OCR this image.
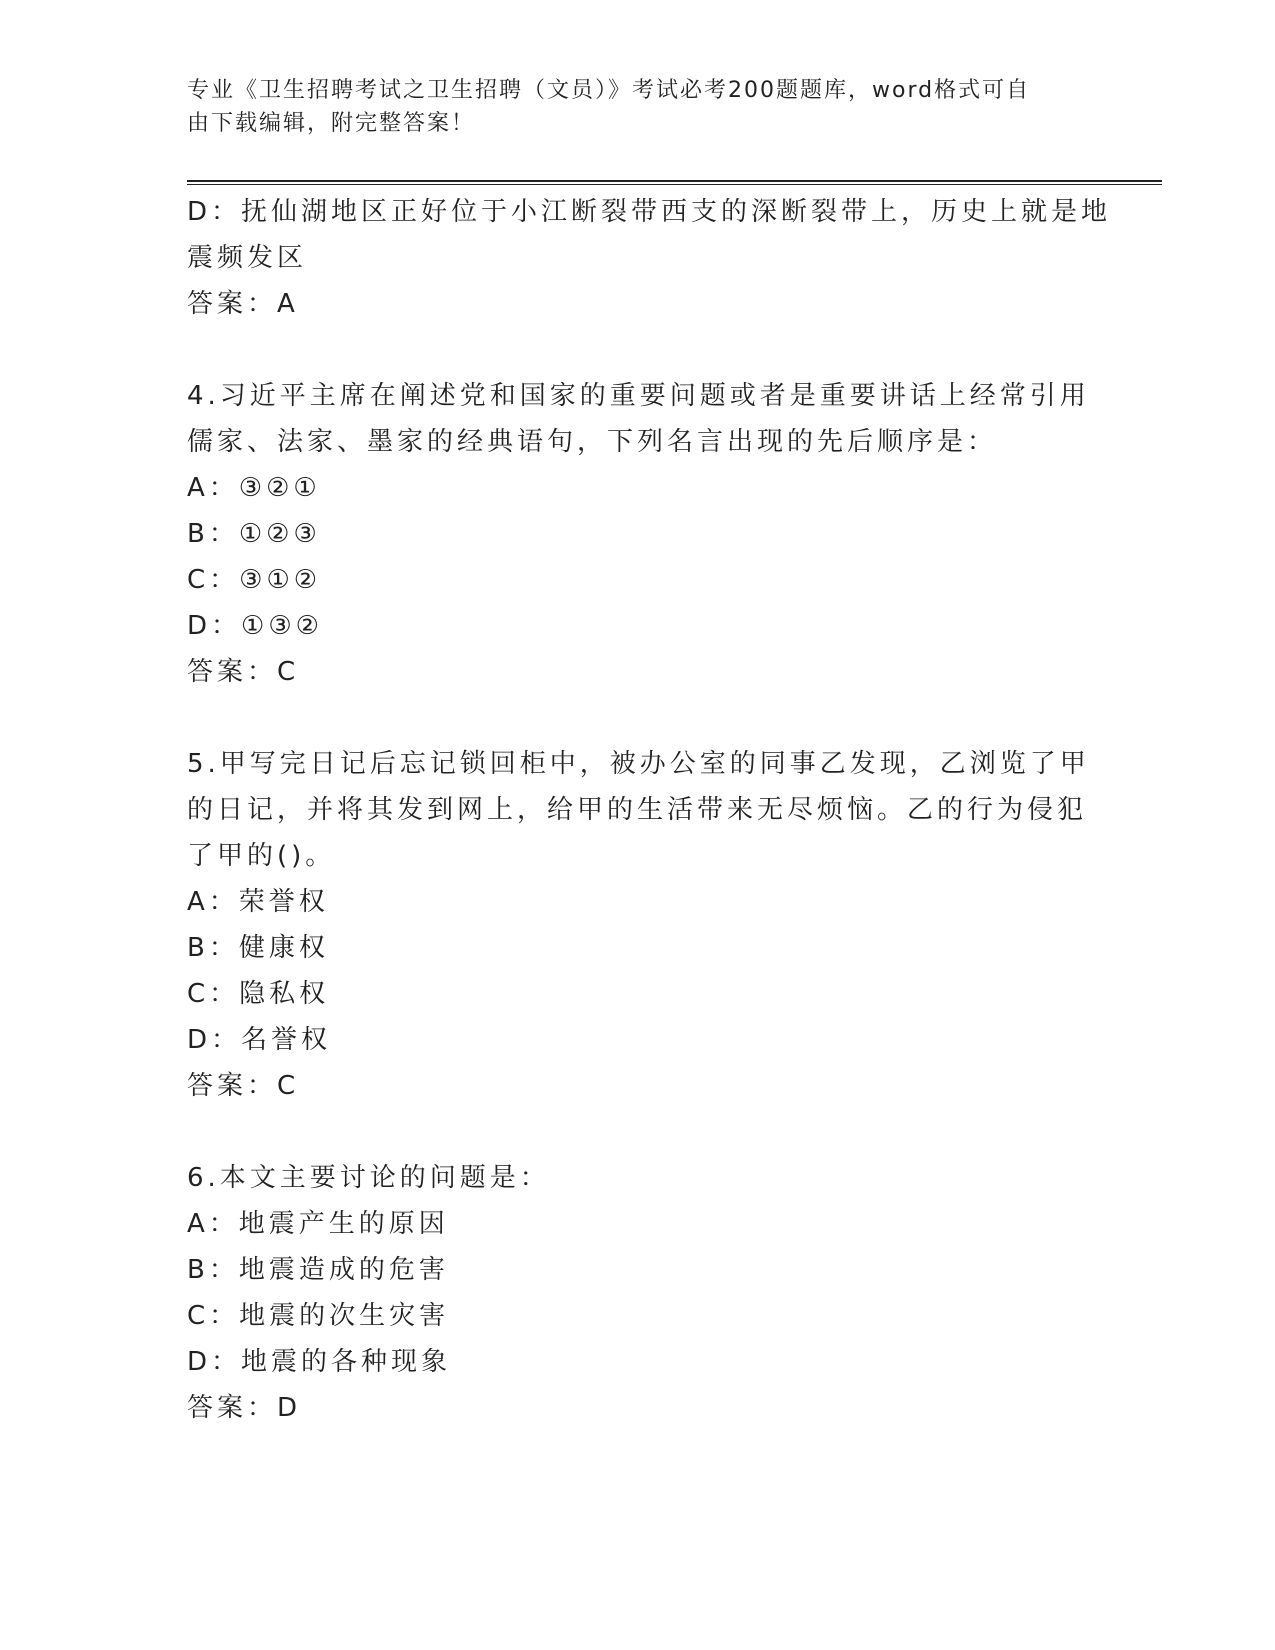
专业《卫生招聘考试之卫生招聘（文员）》考试必考200题题库，word格式可自
由下载编辑，附完整答案！

D：抚仙湖地区正好位于小江断裂带西支的深断裂带上，历史上就是地

震频发区

答案：A

4.习近平主席在阐述党和国家的重要问题或者是重要讲话上经常引用

儒家、法家、墨家的经典语句，下列名言出现的先后顺序是：

A：③②①

B：①②③

C：③①②

D：①③②

答案：C

5.甲写完日记后忘记锁回柜中，被办公室的同事乙发现，乙浏览了甲

的日记，并将其发到网上，给甲的生活带来无尽烦恼。乙的行为侵犯

了甲的()。

A：荣誉权

B：健康权

C：隐私权

D：名誉权

答案：C

6.本文主要讨论的问题是：

A：地震产生的原因

B：地震造成的危害

C：地震的次生灾害

D：地震的各种现象

答案：D
